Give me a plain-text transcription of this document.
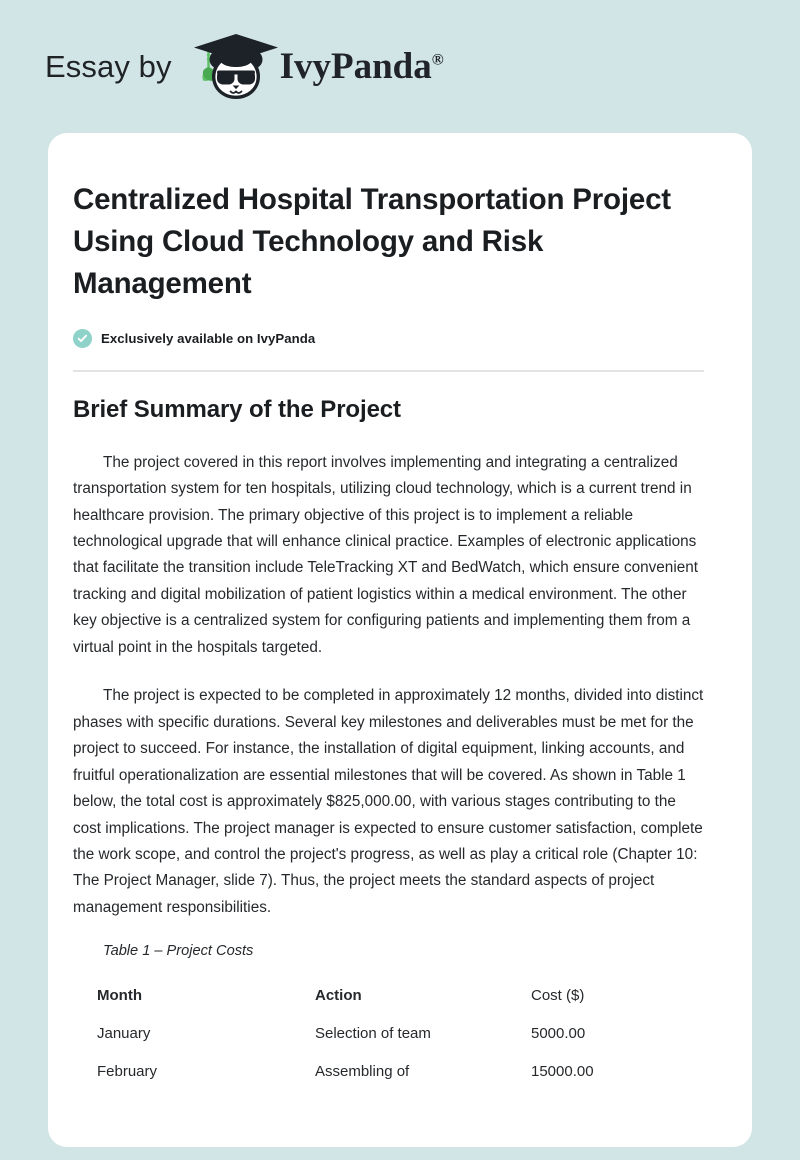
Essay by	IvyPanda®
Centralized Hospital Transportation Project Using Cloud Technology and Risk Management
Exclusively available on IvyPanda
Brief Summary of the Project

The project covered in this report involves implementing and integrating a centralized transportation system for ten hospitals, utilizing cloud technology, which is a current trend in healthcare provision. The primary objective of this project is to implement a reliable technological upgrade that will enhance clinical practice. Examples of electronic applications that facilitate the transition include TeleTracking XT and BedWatch, which ensure convenient tracking and digital mobilization of patient logistics within a medical environment. The other key objective is a centralized system for configuring patients and implementing them from a virtual point in the hospitals targeted.

The project is expected to be completed in approximately 12 months, divided into distinct phases with specific durations. Several key milestones and deliverables must be met for the project to succeed. For instance, the installation of digital equipment, linking accounts, and fruitful operationalization are essential milestones that will be covered. As shown in Table 1 below, the total cost is approximately $825,000.00, with various stages contributing to the cost implications. The project manager is expected to ensure customer satisfaction, complete the work scope, and control the project's progress, as well as play a critical role (Chapter 10: The Project Manager, slide 7). Thus, the project meets the standard aspects of project management responsibilities.

Table 1 – Project Costs
Month	Action	Cost ($)
January	Selection of team	5000.00
February	Assembling of	15000.00
